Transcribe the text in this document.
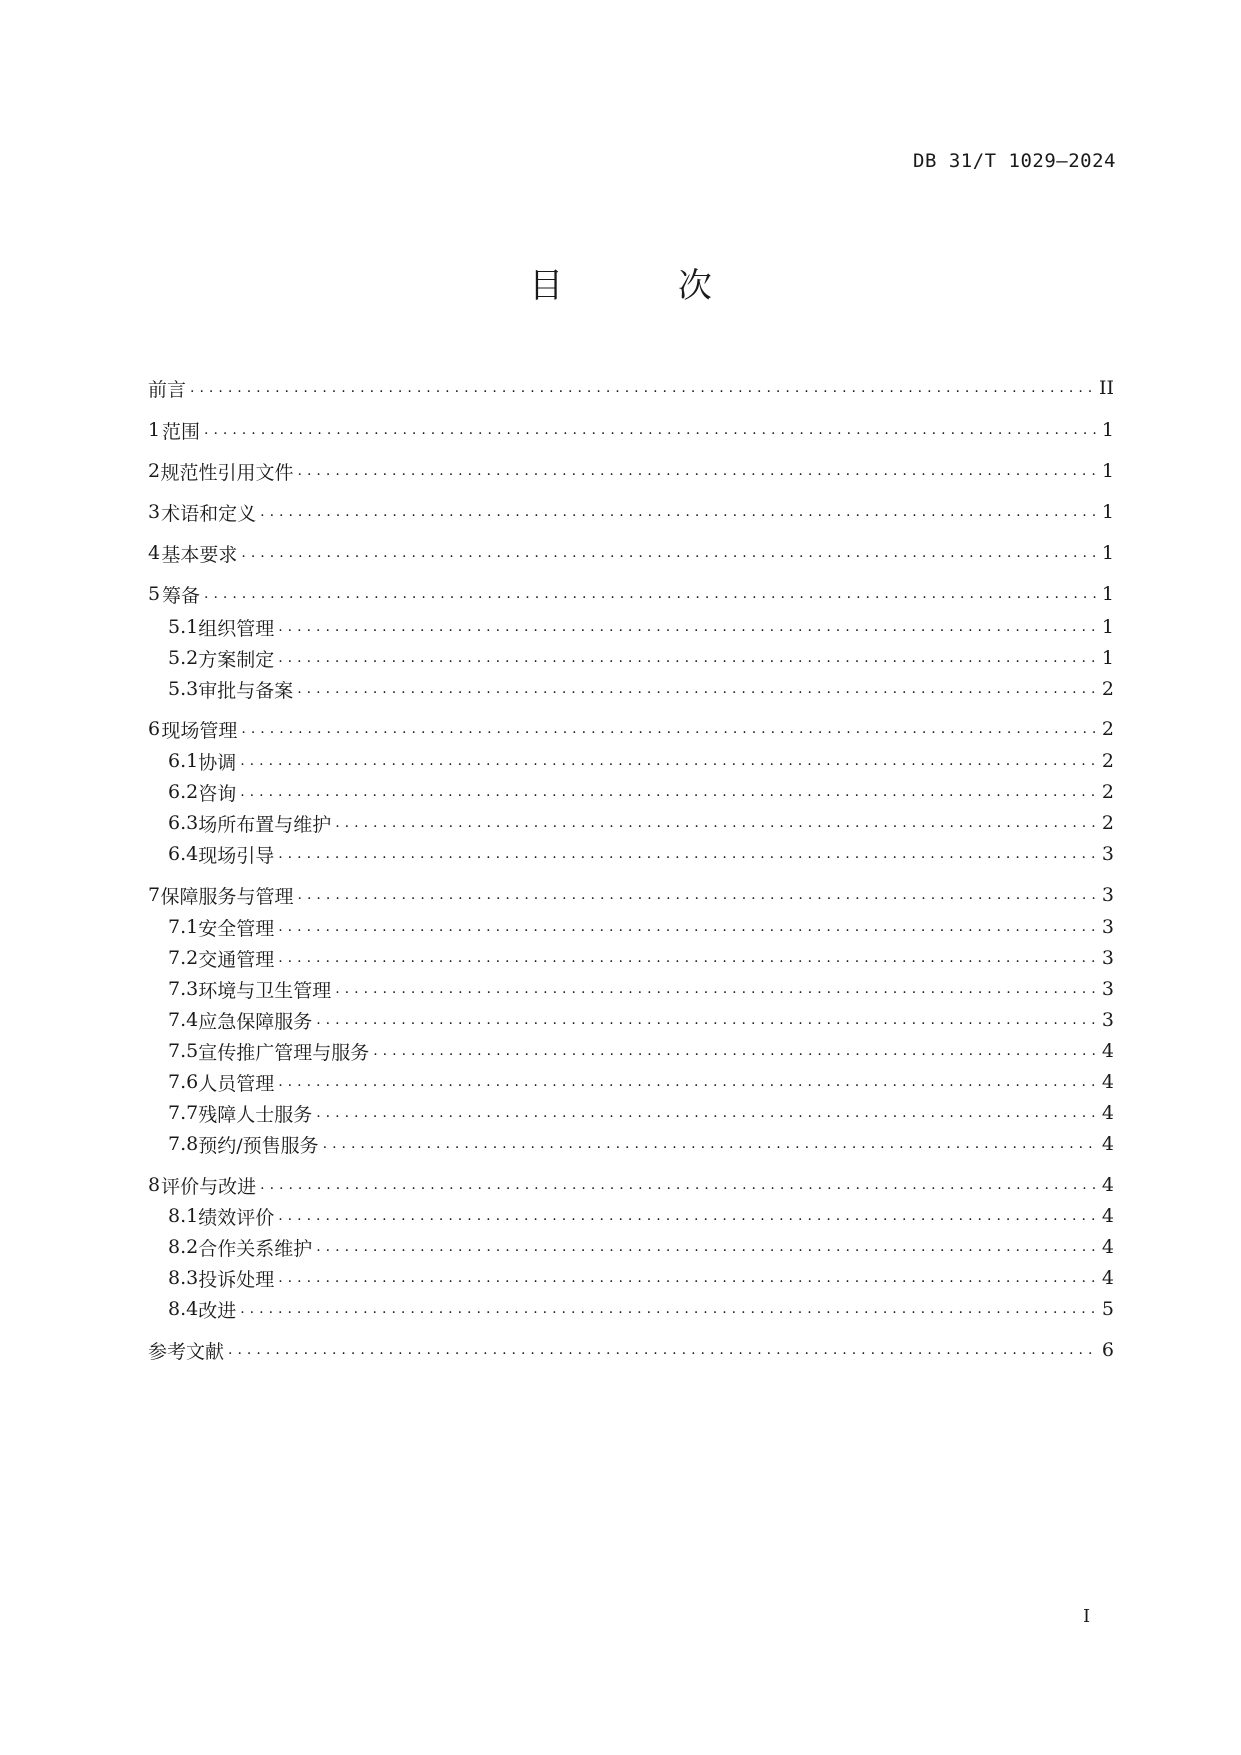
DB 31/T 1029—2024
目 次
前言 .....	II
1 范围 .....	1
2 规范性引用文件 .....	1
3 术语和定义 .....	1
4 基本要求 .....	1
5 筹备 .....	1
5.1 组织管理 .....	1
5.2 方案制定 .....	1
5.3 审批与备案 .....	2
6 现场管理 .....	2
6.1 协调 .....	2
6.2 咨询 .....	2
6.3 场所布置与维护 .....	2
6.4 现场引导 .....	3
7 保障服务与管理 .....	3
7.1 安全管理 .....	3
7.2 交通管理 .....	3
7.3 环境与卫生管理 .....	3
7.4 应急保障服务 .....	3
7.5 宣传推广管理与服务 .....	4
7.6 人员管理 .....	4
7.7 残障人士服务 .....	4
7.8 预约/预售服务 .....	4
8 评价与改进 .....	4
8.1 绩效评价 .....	4
8.2 合作关系维护 .....	4
8.3 投诉处理 .....	4
8.4 改进 .....	5
参考文献 .....	6
I
